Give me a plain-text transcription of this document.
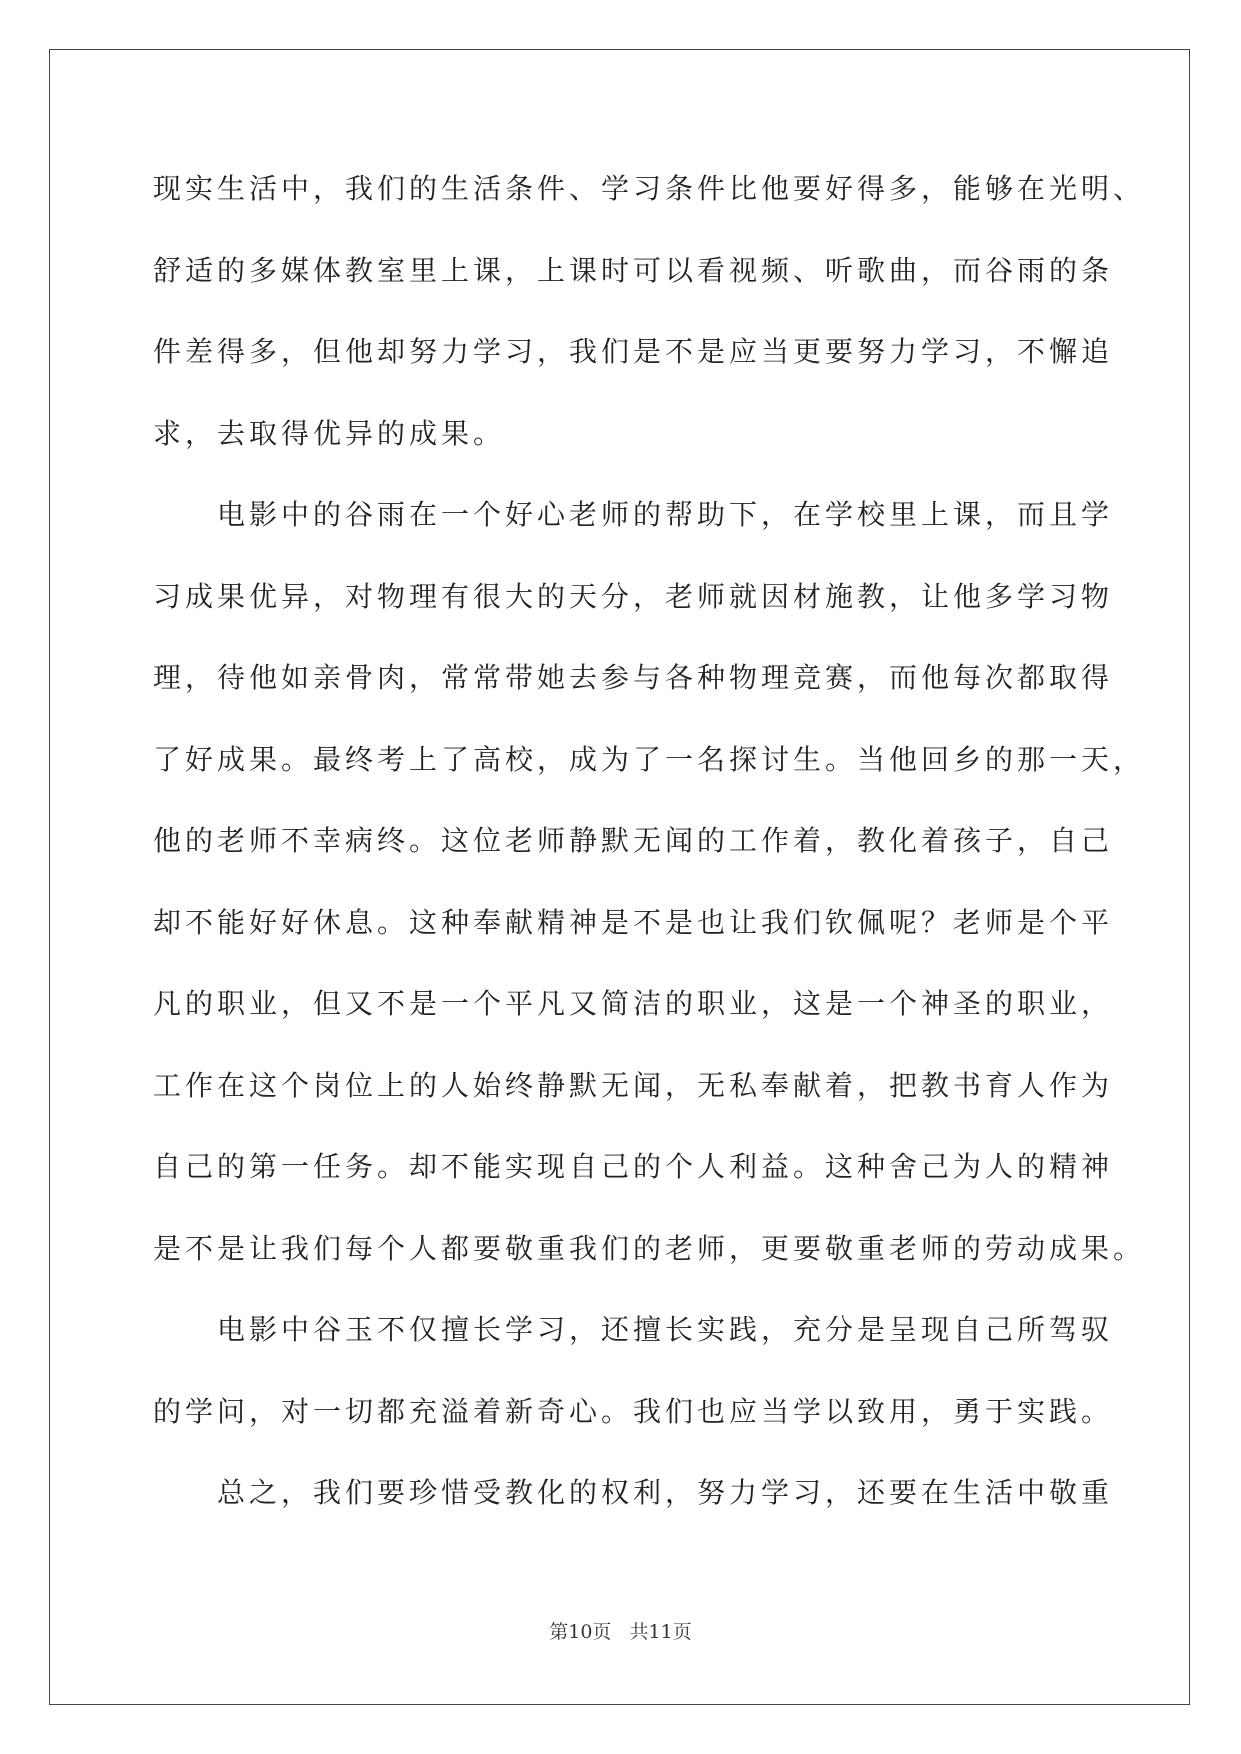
现实生活中，我们的生活条件、学习条件比他要好得多，能够在光明、
舒适的多媒体教室里上课，上课时可以看视频、听歌曲，而谷雨的条
件差得多，但他却努力学习，我们是不是应当更要努力学习，不懈追
求，去取得优异的成果。
电影中的谷雨在一个好心老师的帮助下，在学校里上课，而且学
习成果优异，对物理有很大的天分，老师就因材施教，让他多学习物
理，待他如亲骨肉，常常带她去参与各种物理竞赛，而他每次都取得
了好成果。最终考上了高校，成为了一名探讨生。当他回乡的那一天，
他的老师不幸病终。这位老师静默无闻的工作着，教化着孩子，自己
却不能好好休息。这种奉献精神是不是也让我们钦佩呢？老师是个平
凡的职业，但又不是一个平凡又简洁的职业，这是一个神圣的职业，
工作在这个岗位上的人始终静默无闻，无私奉献着，把教书育人作为
自己的第一任务。却不能实现自己的个人利益。这种舍己为人的精神
是不是让我们每个人都要敬重我们的老师，更要敬重老师的劳动成果。
电影中谷玉不仅擅长学习，还擅长实践，充分是呈现自己所驾驭
的学问，对一切都充溢着新奇心。我们也应当学以致用，勇于实践。
总之，我们要珍惜受教化的权利，努力学习，还要在生活中敬重
第10页   共11页
